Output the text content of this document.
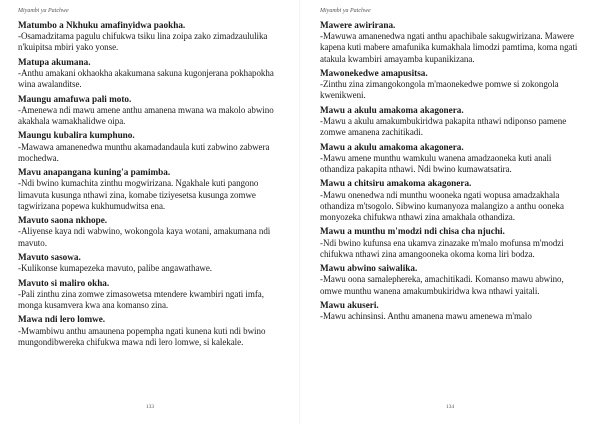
Miyambi ya Patchwe

Matumbo a Nkhuku amafinyidwa paokha.

-Osamadzitama pagulu chifukwa tsiku lina zoipa zako zimadzaululika n'kuipitsa mbiri yako yonse.

Matupa akumana.

-Anthu amakani okhaokha akakumana sakuna kugonjerana pokhapokha wina awalanditse.

Maungu amafuwa pali moto.

-Amenewa ndi mawu amene anthu amanena mwana wa makolo abwino akakhala wamakhalidwe oipa.

Maungu kubalira kumphuno.

-Mawawa amanenedwa munthu akamadandaula kuti zabwino zabwera mochedwa.

Mavu anapangana kuning'a pamimba.

-Ndi bwino kumachita zinthu mogwirizana. Ngakhale kuti pangono limavuta kusunga nthawi zina, komabe tiziyesetsa kusunga zomwe tagwirizana popewa kukhumudwitsa ena.

Mavuto saona nkhope.

-Aliyense kaya ndi wabwino, wokongola kaya wotani, amakumana ndi mavuto.

Mavuto sasowa.

-Kulikonse kumapezeka mavuto, palibe angawathawe.

Mavuto si maliro okha.

-Pali zinthu zina zomwe zimasowetsa mtendere kwambiri ngati imfa, monga kusamvera kwa ana komanso zina.

Mawa ndi lero lomwe.

-Mwambiwu anthu amaunena popempha ngati kunena kuti ndi bwino mungondibwereka chifukwa mawa ndi lero lomwe, si kalekale.

133
Miyambi ya Patchwe

Mawere awirirana.

-Mawuwa amanenedwa ngati anthu apachibale sakugwirizana. Mawere kapena kuti mabere amafunika kumakhala limodzi pamtima, koma ngati atakula kwambiri amayamba kupanikizana.

Mawonekedwe amapusitsa.

-Zinthu zina zimangokongola m'maonekedwe pomwe si zokongola kwenikweni.

Mawu a akulu amakoma akagonera.

-Mawu a akulu amakumbukiridwa pakapita nthawi ndiponso pamene zomwe amanena zachitikadi.

Mawu a akulu amakoma akagonera.

-Mawu amene munthu wamkulu wanena amadzaoneka kuti anali othandiza pakapita nthawi. Ndi bwino kumawatsatira.

Mawu a chitsiru amakoma akagonera.

-Mawu onenedwa ndi munthu wooneka ngati wopusa amadzakhala othandiza m'tsogolo. Sibwino kumanyoza malangizo a anthu ooneka monyozeka chifukwa nthawi zina amakhala othandiza.

Mawu a munthu m'modzi ndi chisa cha njuchi.

-Ndi bwino kufunsa ena ukamva zinazake m'malo mofunsa m'modzi chifukwa nthawi zina amangooneka okoma koma liri bodza.

Mawu abwino saiwalika.

-Mawu oona samalephereka, amachitikadi. Komanso mawu abwino, omwe munthu wanena amakumbukiridwa kwa nthawi yaitali.

Mawu akuseri.

-Mawu achinsinsi. Anthu amanena mawu amenewa m'malo

134
